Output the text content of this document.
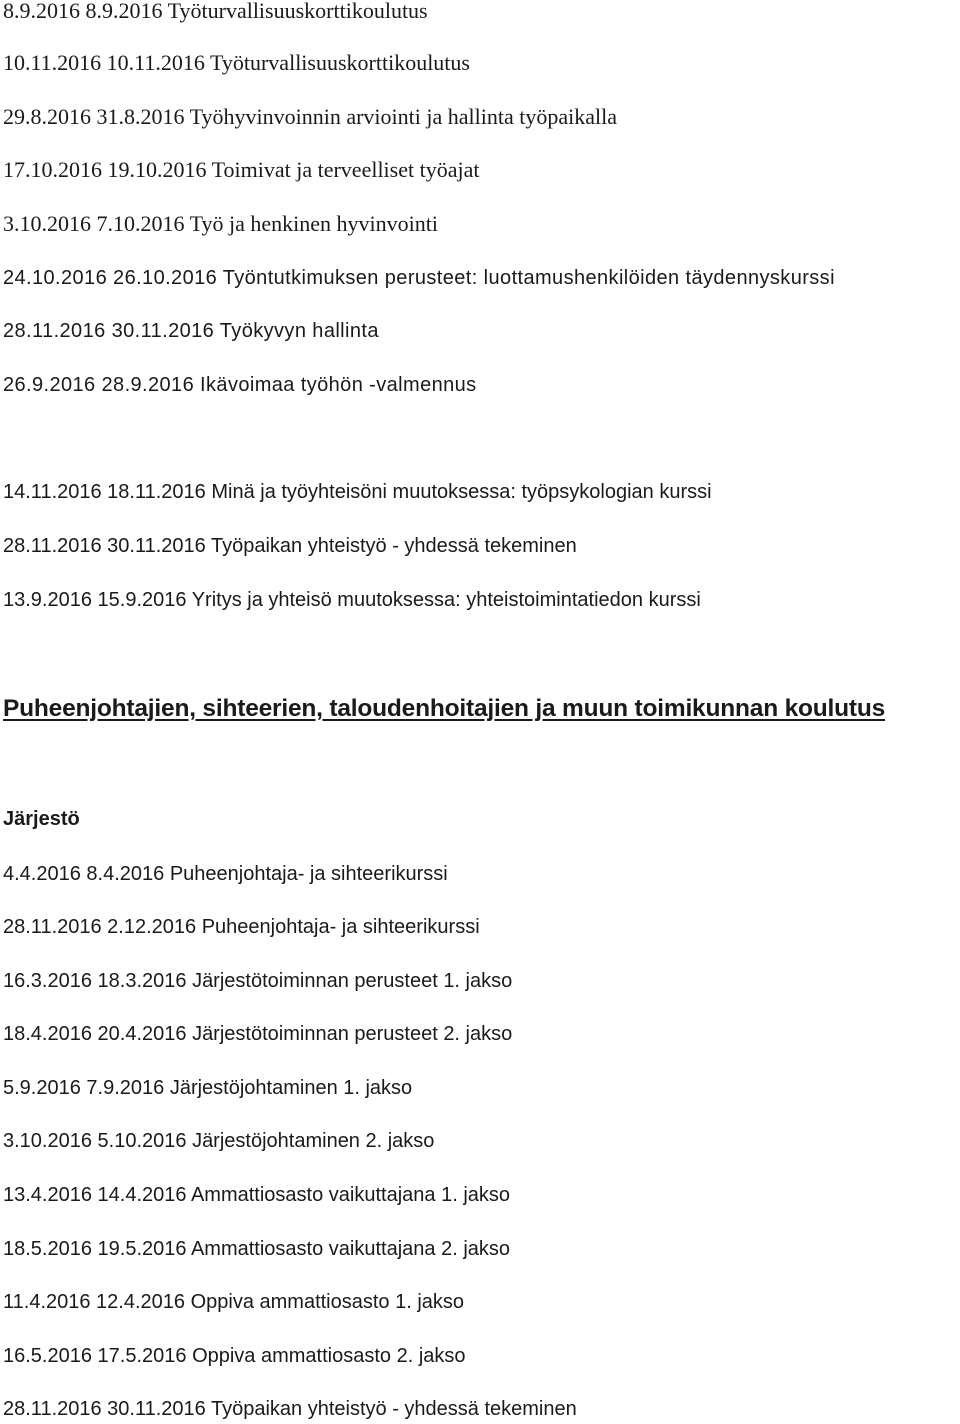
8.9.2016 8.9.2016 Työturvallisuuskorttikoulutus
10.11.2016 10.11.2016 Työturvallisuuskorttikoulutus
29.8.2016 31.8.2016 Työhyvinvoinnin arviointi ja hallinta työpaikalla
17.10.2016 19.10.2016 Toimivat ja terveelliset työajat
3.10.2016 7.10.2016 Työ ja henkinen hyvinvointi
24.10.2016 26.10.2016 Työntutkimuksen perusteet: luottamushenkilöiden täydennyskurssi
28.11.2016 30.11.2016 Työkyvyn hallinta
26.9.2016 28.9.2016 Ikävoimaa työhön -valmennus
14.11.2016 18.11.2016 Minä ja työyhteisöni muutoksessa: työpsykologian kurssi
28.11.2016 30.11.2016 Työpaikan yhteistyö - yhdessä tekeminen
13.9.2016 15.9.2016 Yritys ja yhteisö muutoksessa: yhteistoimintatiedon kurssi
Puheenjohtajien, sihteerien, taloudenhoitajien ja muun toimikunnan koulutus
Järjestö
4.4.2016 8.4.2016 Puheenjohtaja- ja sihteerikurssi
28.11.2016 2.12.2016 Puheenjohtaja- ja sihteerikurssi
16.3.2016 18.3.2016 Järjestötoiminnan perusteet 1. jakso
18.4.2016 20.4.2016 Järjestötoiminnan perusteet 2. jakso
5.9.2016 7.9.2016 Järjestöjohtaminen 1. jakso
3.10.2016 5.10.2016 Järjestöjohtaminen 2. jakso
13.4.2016 14.4.2016 Ammattiosasto vaikuttajana 1. jakso
18.5.2016 19.5.2016 Ammattiosasto vaikuttajana 2. jakso
11.4.2016 12.4.2016 Oppiva ammattiosasto 1. jakso
16.5.2016 17.5.2016 Oppiva ammattiosasto 2. jakso
28.11.2016 30.11.2016 Työpaikan yhteistyö - yhdessä tekeminen
